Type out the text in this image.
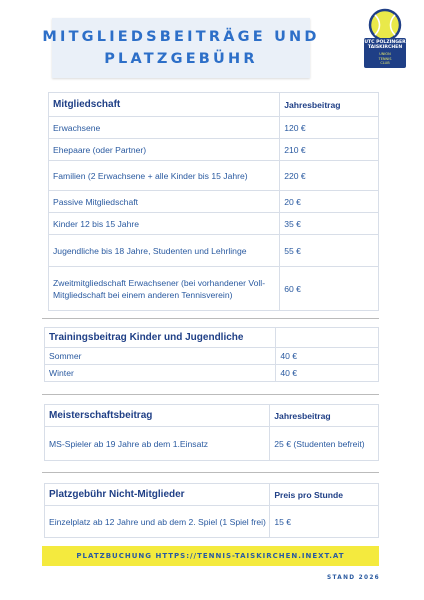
MITGLIEDSBEITRÄGE UND
PLATZGEBÜHR
UTC POLZINGER
TAISKIRCHEN
UNION
TENNIS
CLUB
Mitgliedschaft	Jahresbeitrag
Erwachsene	120 €
Ehepaare (oder Partner)	210 €
Familien (2 Erwachsene + alle Kinder bis 15 Jahre)	220 €
Passive Mitgliedschaft	20 €
Kinder 12 bis 15 Jahre	35 €
Jugendliche bis 18 Jahre, Studenten und Lehrlinge	55 €
Zweitmitgliedschaft Erwachsener (bei vorhandener Voll-Mitgliedschaft bei einem anderen Tennisverein)	60 €
Trainingsbeitrag Kinder und Jugendliche	
Sommer	40 €
Winter	40 €
Meisterschaftsbeitrag	Jahresbeitrag
MS-Spieler ab 19 Jahre ab dem 1.Einsatz	25 € (Studenten befreit)
Platzgebühr Nicht-Mitglieder	Preis pro Stunde
Einzelplatz ab 12 Jahre und ab dem 2. Spiel (1 Spiel frei)	15 €
PLATZBUCHUNG HTTPS://TENNIS-TAISKIRCHEN.INEXT.AT
STAND 2026
